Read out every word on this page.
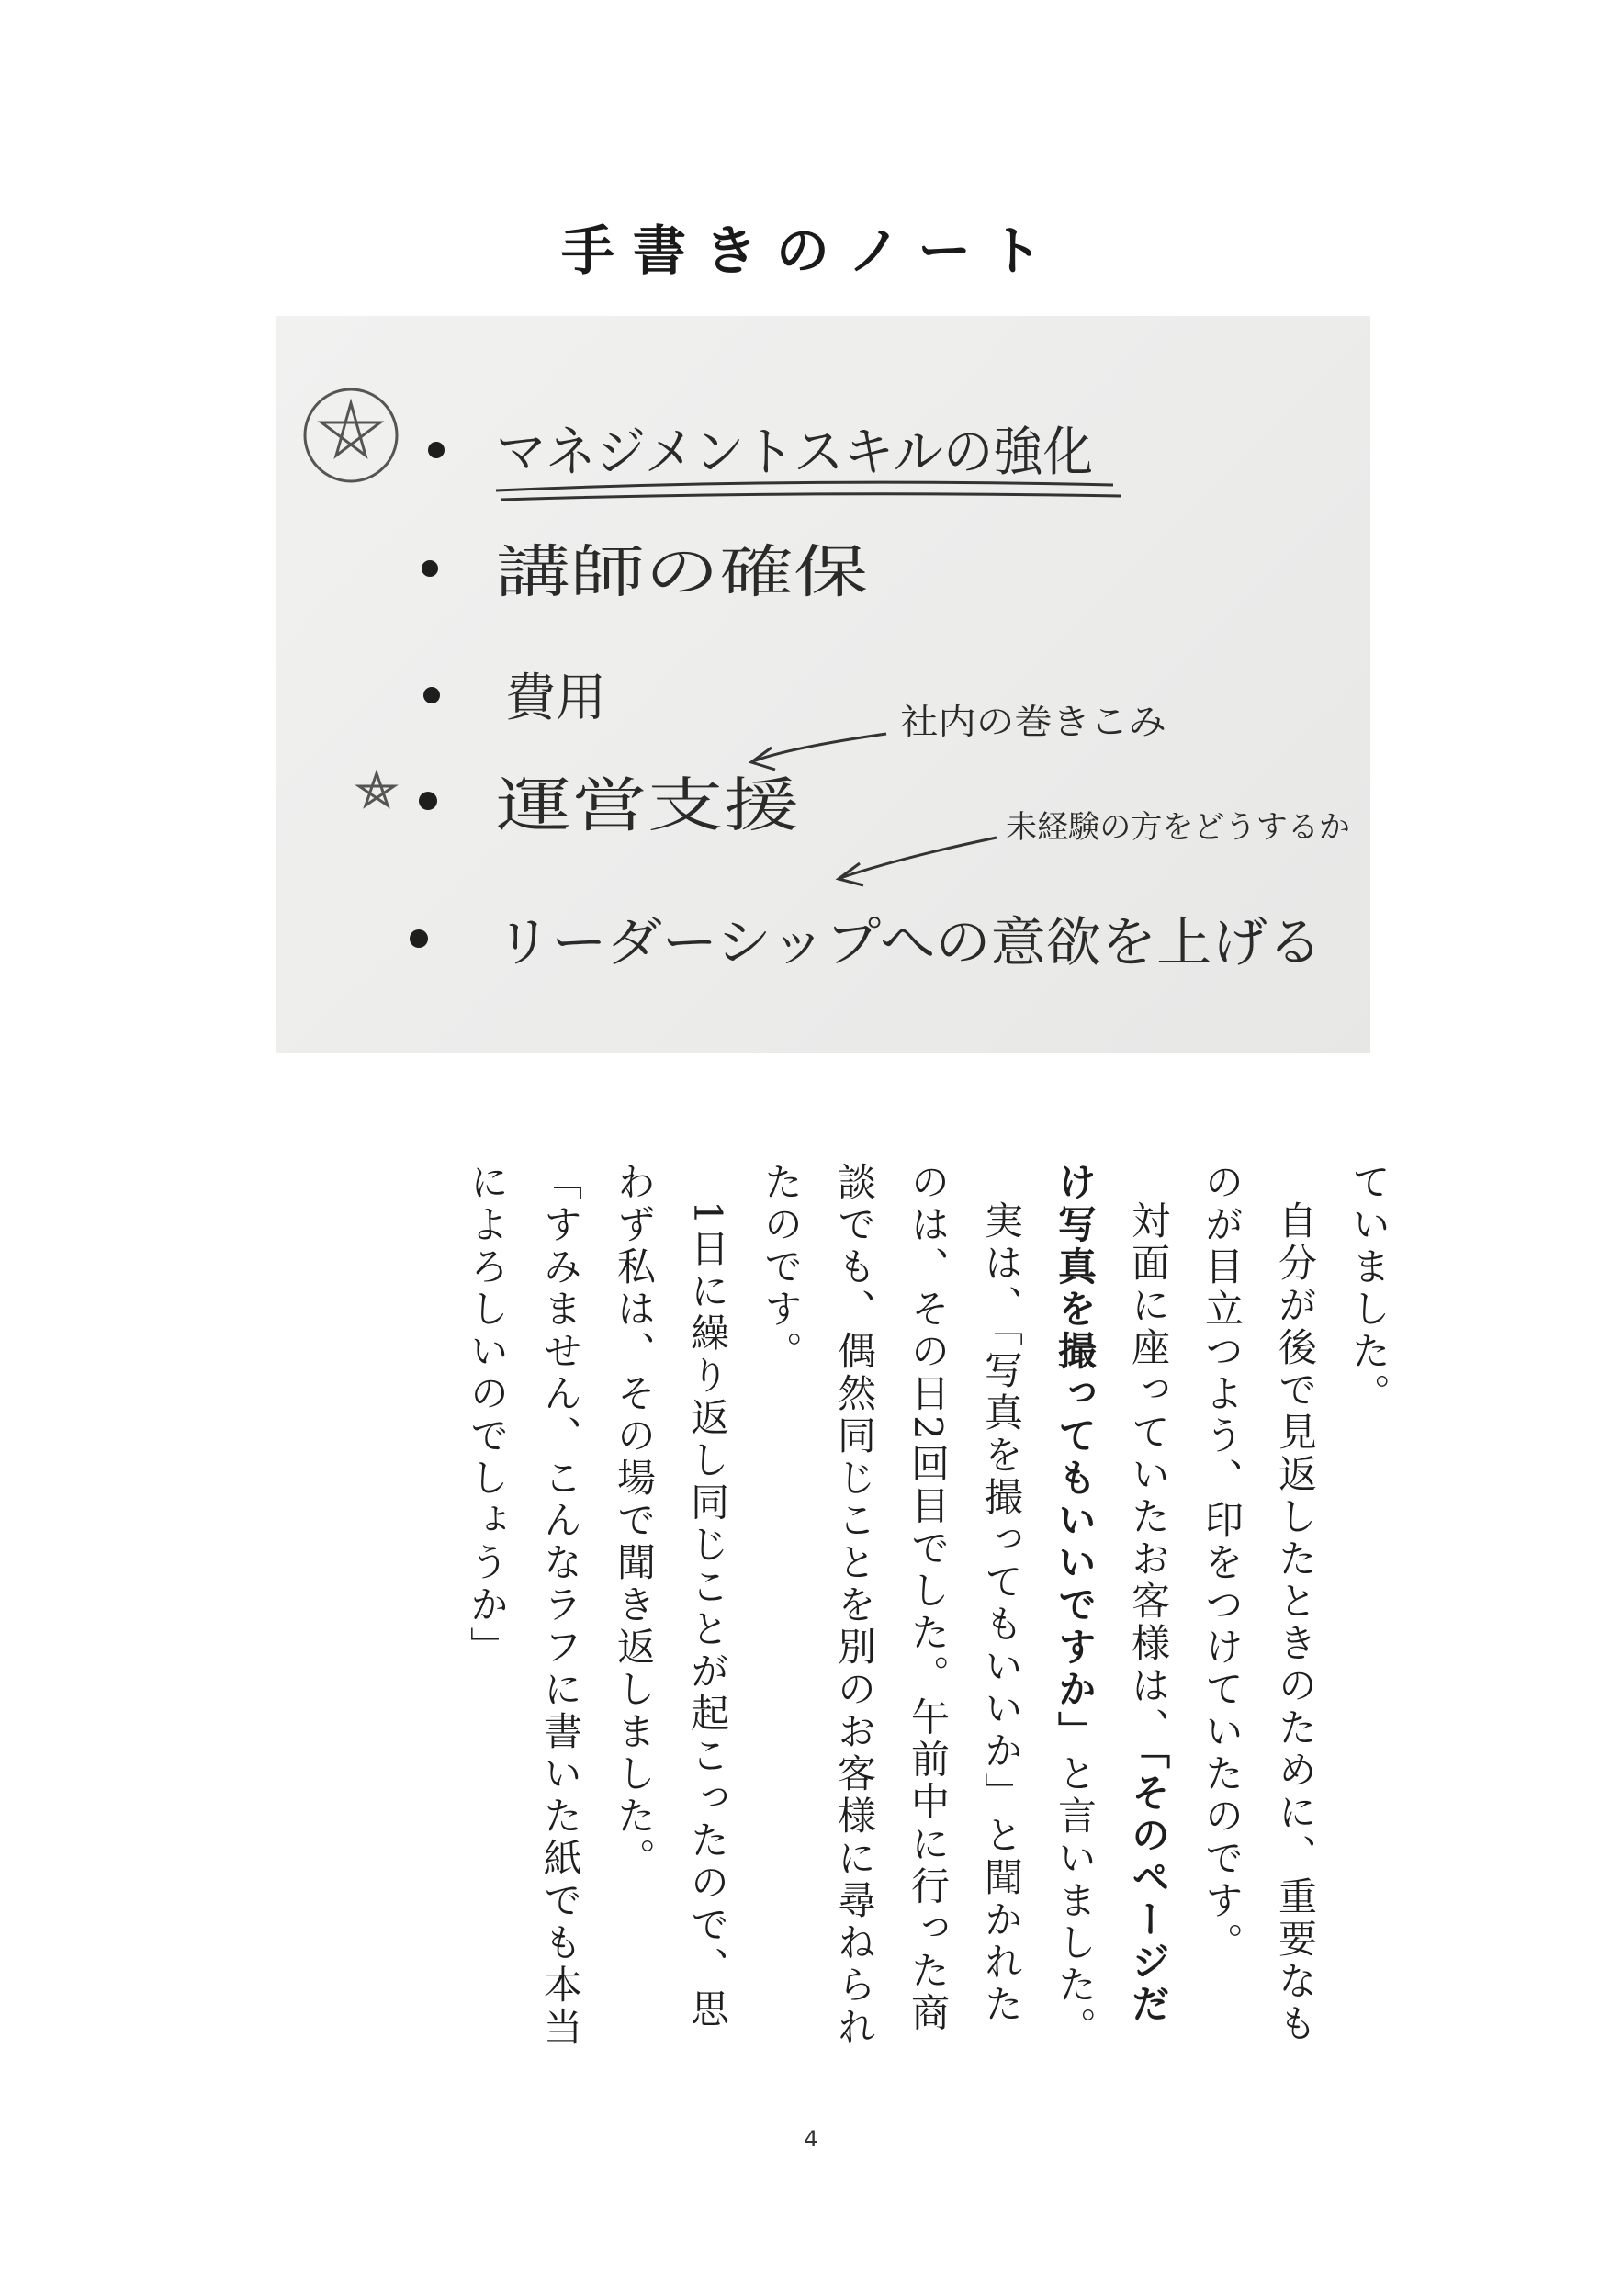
手書きのノート
マネジメントスキルの強化
講師の確保
費用
運営支援
リーダーシップへの意欲を上げる
社内の巻きこみ
未経験の方をどうするか

ていました。

自分が後で見返したときのために、重要なものが目立つよう、印をつけていたのです。

対面に座っていたお客様は、「そのページだけ写真を撮ってもいいですか」と言いました。

実は、「写真を撮ってもいいか」と聞かれたのは、その日2回目でした。午前中に行った商談でも、偶然同じことを別のお客様に尋ねられたのです。

1日に繰り返し同じことが起こったので、思わず私は、その場で聞き返しました。

「すみません、こんなラフに書いた紙でも本当によろしいのでしょうか」

4
